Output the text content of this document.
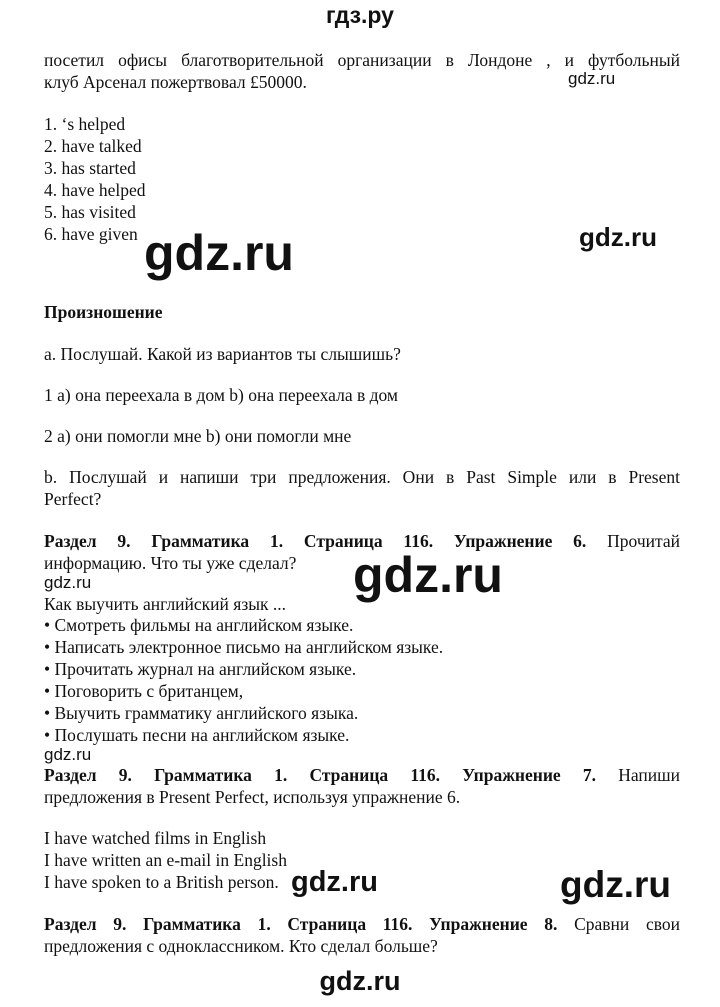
гдз.ру

посетил офисы благотворительной организации в Лондоне , и футбольный

клуб Арсенал пожертвовал £50000.

1. ‘s helped

2. have talked

3. has started

4. have helped

5. has visited

6. have given

Произношение

a. Послушай. Какой из вариантов ты слышишь?

1 a) она переехала в дом b) она переехала в дом

2 a) они помогли мне b) они помогли мне

b. Послушай и напиши три предложения. Они в Past Simple или в Present

Perfect?

Раздел 9. Грамматика 1. Страница 116. Упражнение 6. Прочитай

информацию. Что ты уже сделал?

Как выучить английский язык ...

• Смотреть фильмы на английском языке.

• Написать электронное письмо на английском языке.

• Прочитать журнал на английском языке.

• Поговорить с британцем,

• Выучить грамматику английского языка.

• Послушать песни на английском языке.

Раздел 9. Грамматика 1. Страница 116. Упражнение 7. Напиши

предложения в Present Perfect, используя упражнение 6.

I have watched films in English

I have written an e-mail in English

I have spoken to a British person.

Раздел 9. Грамматика 1. Страница 116. Упражнение 8. Сравни свои

предложения с одноклассником. Кто сделал больше?

gdz.ru
gdz.ru	gdz.ru
gdz.ru
gdz.ru
gdz.ru
gdz.ru	gdz.ru
gdz.ru
